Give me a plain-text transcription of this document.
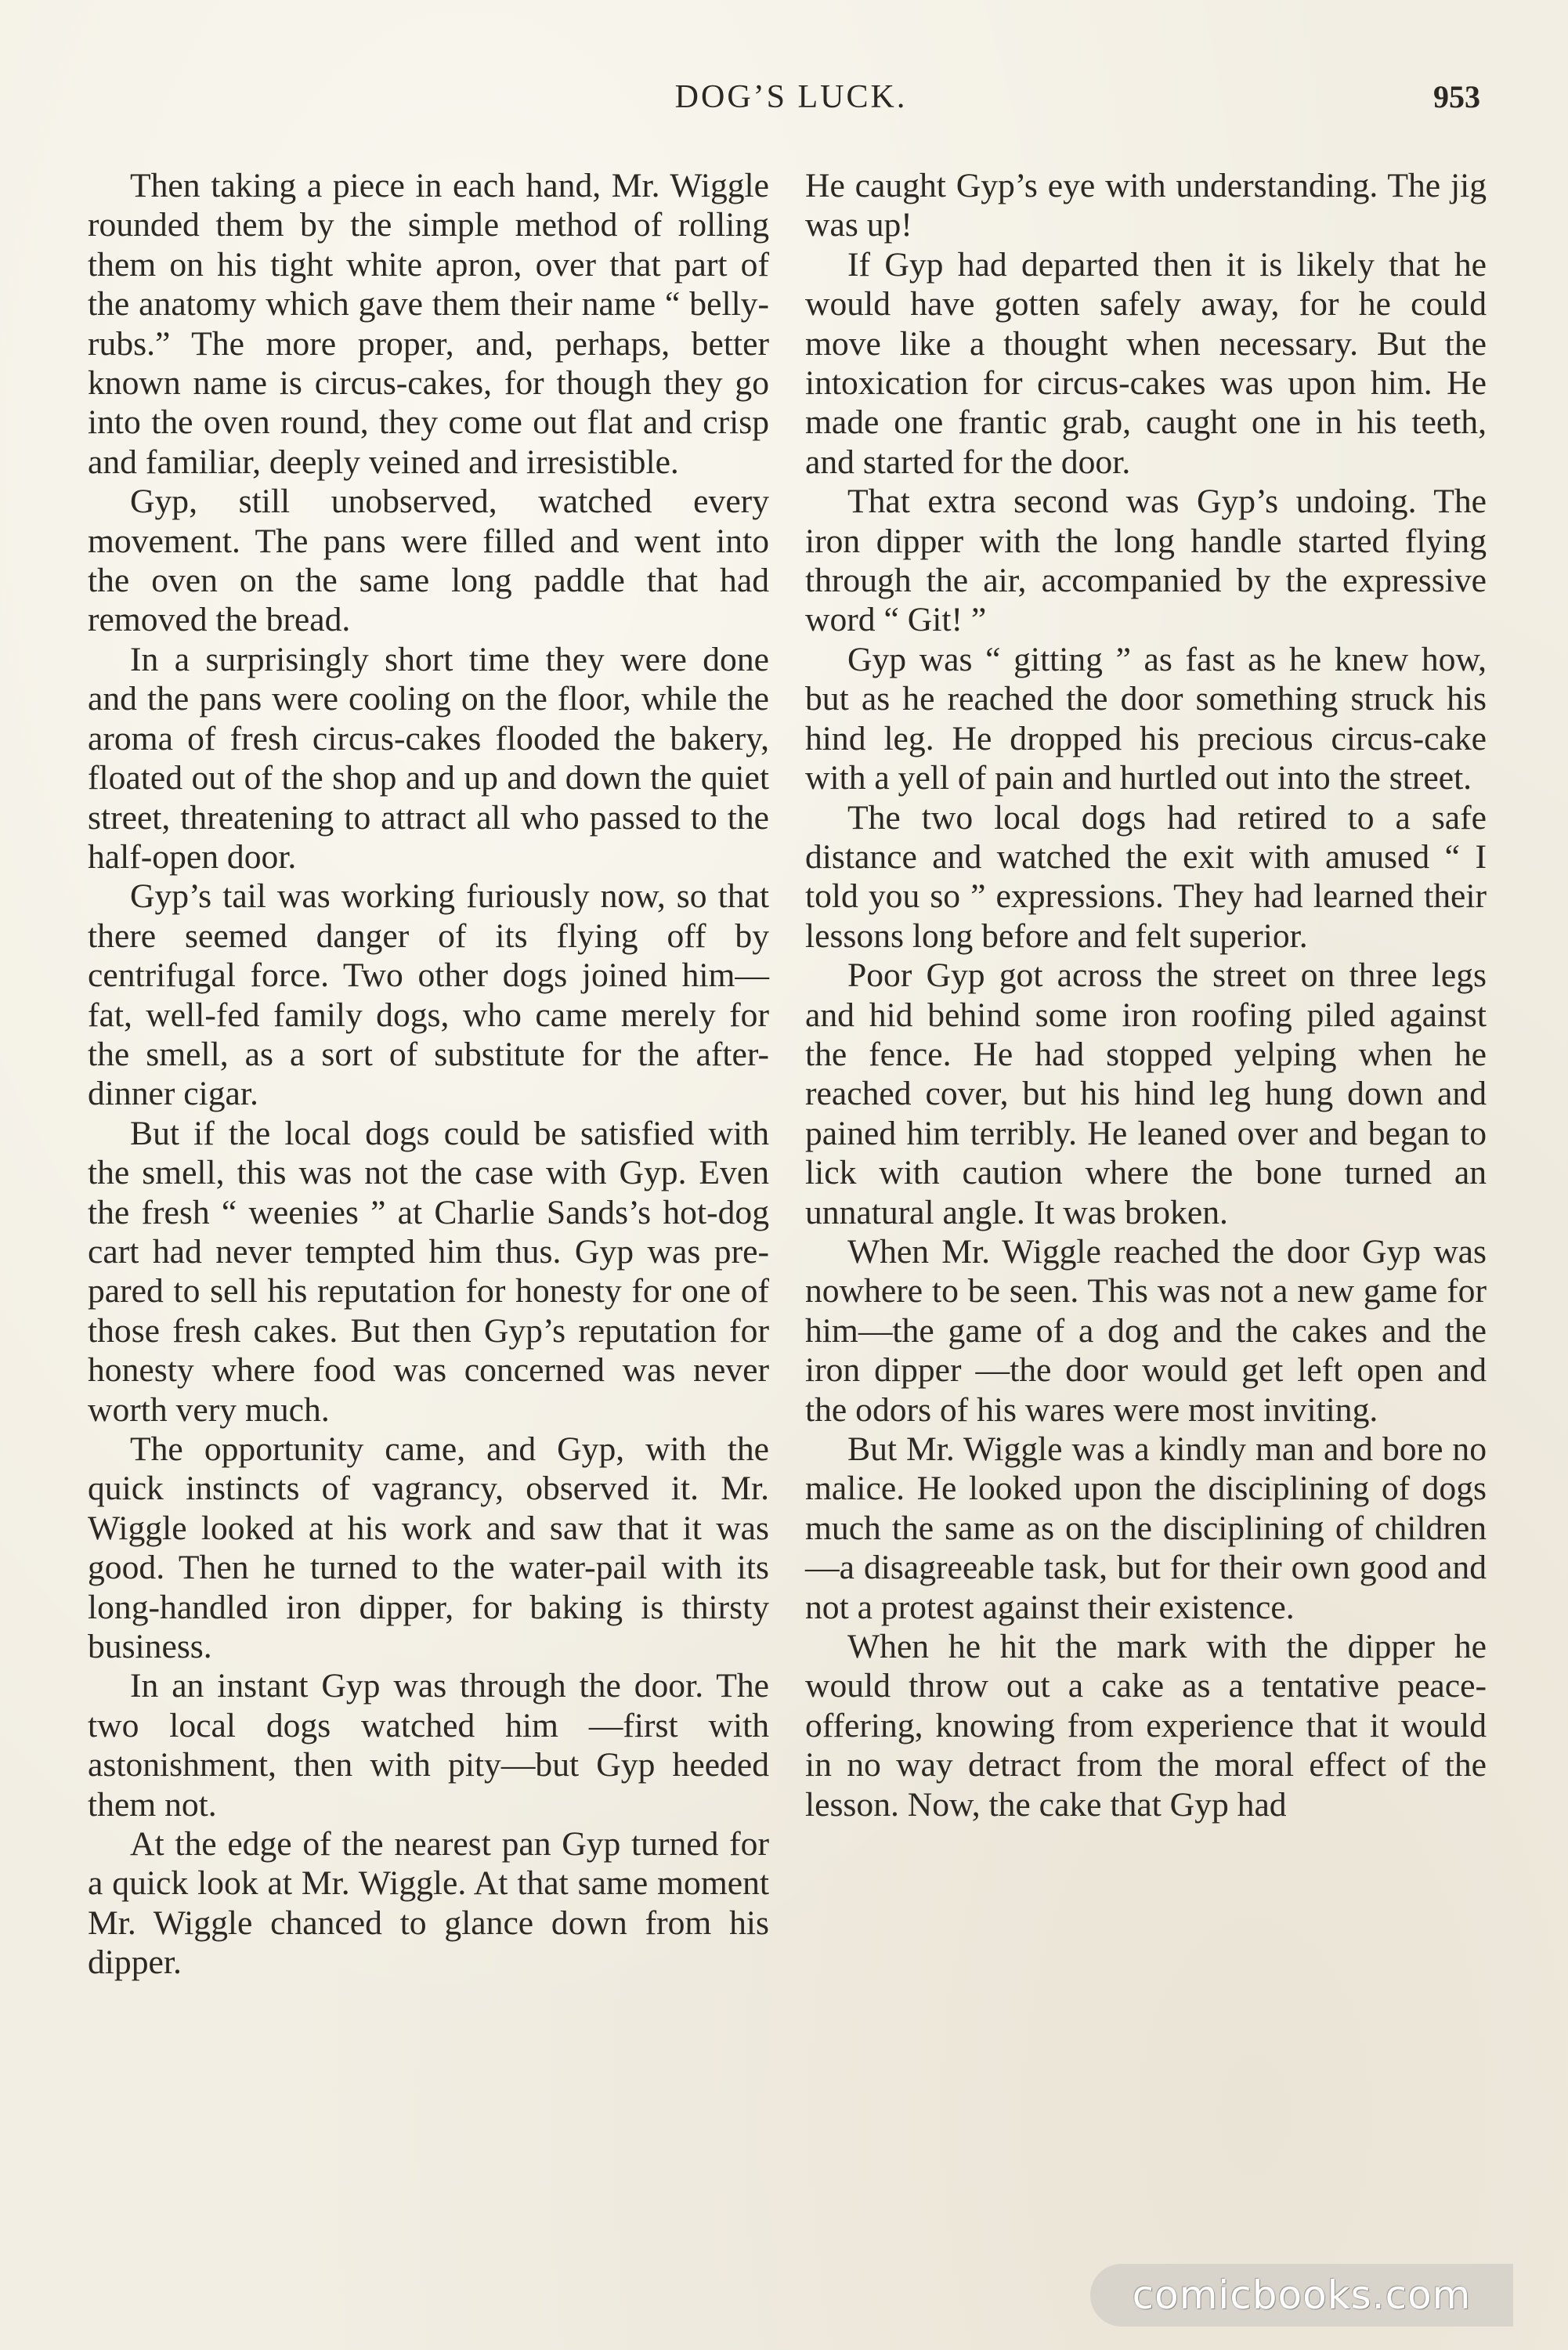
DOG’S LUCK.	953

Then taking a piece in each hand, Mr. Wiggle rounded them by the simple method of rolling them on his tight white apron, over that part of the anatomy which gave them their name “ belly-rubs.” The more proper, and, perhaps, better known name is circus-cakes, for though they go into the oven round, they come out flat and crisp and familiar, deeply veined and irresistible.

Gyp, still unobserved, watched every movement. The pans were filled and went into the oven on the same long paddle that had removed the bread.

In a surprisingly short time they were done and the pans were cooling on the floor, while the aroma of fresh circus-cakes flooded the bakery, floated out of the shop and up and down the quiet street, threatening to attract all who passed to the half-open door.

Gyp’s tail was working furiously now, so that there seemed danger of its flying off by centrifugal force. Two other dogs joined him—fat, well-fed family dogs, who came merely for the smell, as a sort of substitute for the after-dinner cigar.

But if the local dogs could be satisfied with the smell, this was not the case with Gyp. Even the fresh “ weenies ” at Charlie Sands’s hot-dog cart had never tempted him thus. Gyp was prepared to sell his reputation for honesty for one of those fresh cakes. But then Gyp’s reputation for honesty where food was concerned was never worth very much.

The opportunity came, and Gyp, with the quick instincts of vagrancy, observed it. Mr. Wiggle looked at his work and saw that it was good. Then he turned to the water-pail with its long-handled iron dipper, for baking is thirsty business.

In an instant Gyp was through the door. The two local dogs watched him —first with astonishment, then with pity—but Gyp heeded them not.

At the edge of the nearest pan Gyp turned for a quick look at Mr. Wiggle. At that same moment Mr. Wiggle chanced to glance down from his dipper.

He caught Gyp’s eye with understanding. The jig was up!

If Gyp had departed then it is likely that he would have gotten safely away, for he could move like a thought when necessary. But the intoxication for circus-cakes was upon him. He made one frantic grab, caught one in his teeth, and started for the door.

That extra second was Gyp’s undoing. The iron dipper with the long handle started flying through the air, accompanied by the expressive word “ Git! ”

Gyp was “ gitting ” as fast as he knew how, but as he reached the door something struck his hind leg. He dropped his precious circus-cake with a yell of pain and hurtled out into the street.

The two local dogs had retired to a safe distance and watched the exit with amused “ I told you so ” expressions. They had learned their lessons long before and felt superior.

Poor Gyp got across the street on three legs and hid behind some iron roofing piled against the fence. He had stopped yelping when he reached cover, but his hind leg hung down and pained him terribly. He leaned over and began to lick with caution where the bone turned an unnatural angle. It was broken.

When Mr. Wiggle reached the door Gyp was nowhere to be seen. This was not a new game for him—the game of a dog and the cakes and the iron dipper —the door would get left open and the odors of his wares were most inviting.

But Mr. Wiggle was a kindly man and bore no malice. He looked upon the disciplining of dogs much the same as on the disciplining of children—a disagreeable task, but for their own good and not a protest against their existence.

When he hit the mark with the dipper he would throw out a cake as a tentative peace-offering, knowing from experience that it would in no way detract from the moral effect of the lesson. Now, the cake that Gyp had

comicbooks.com
